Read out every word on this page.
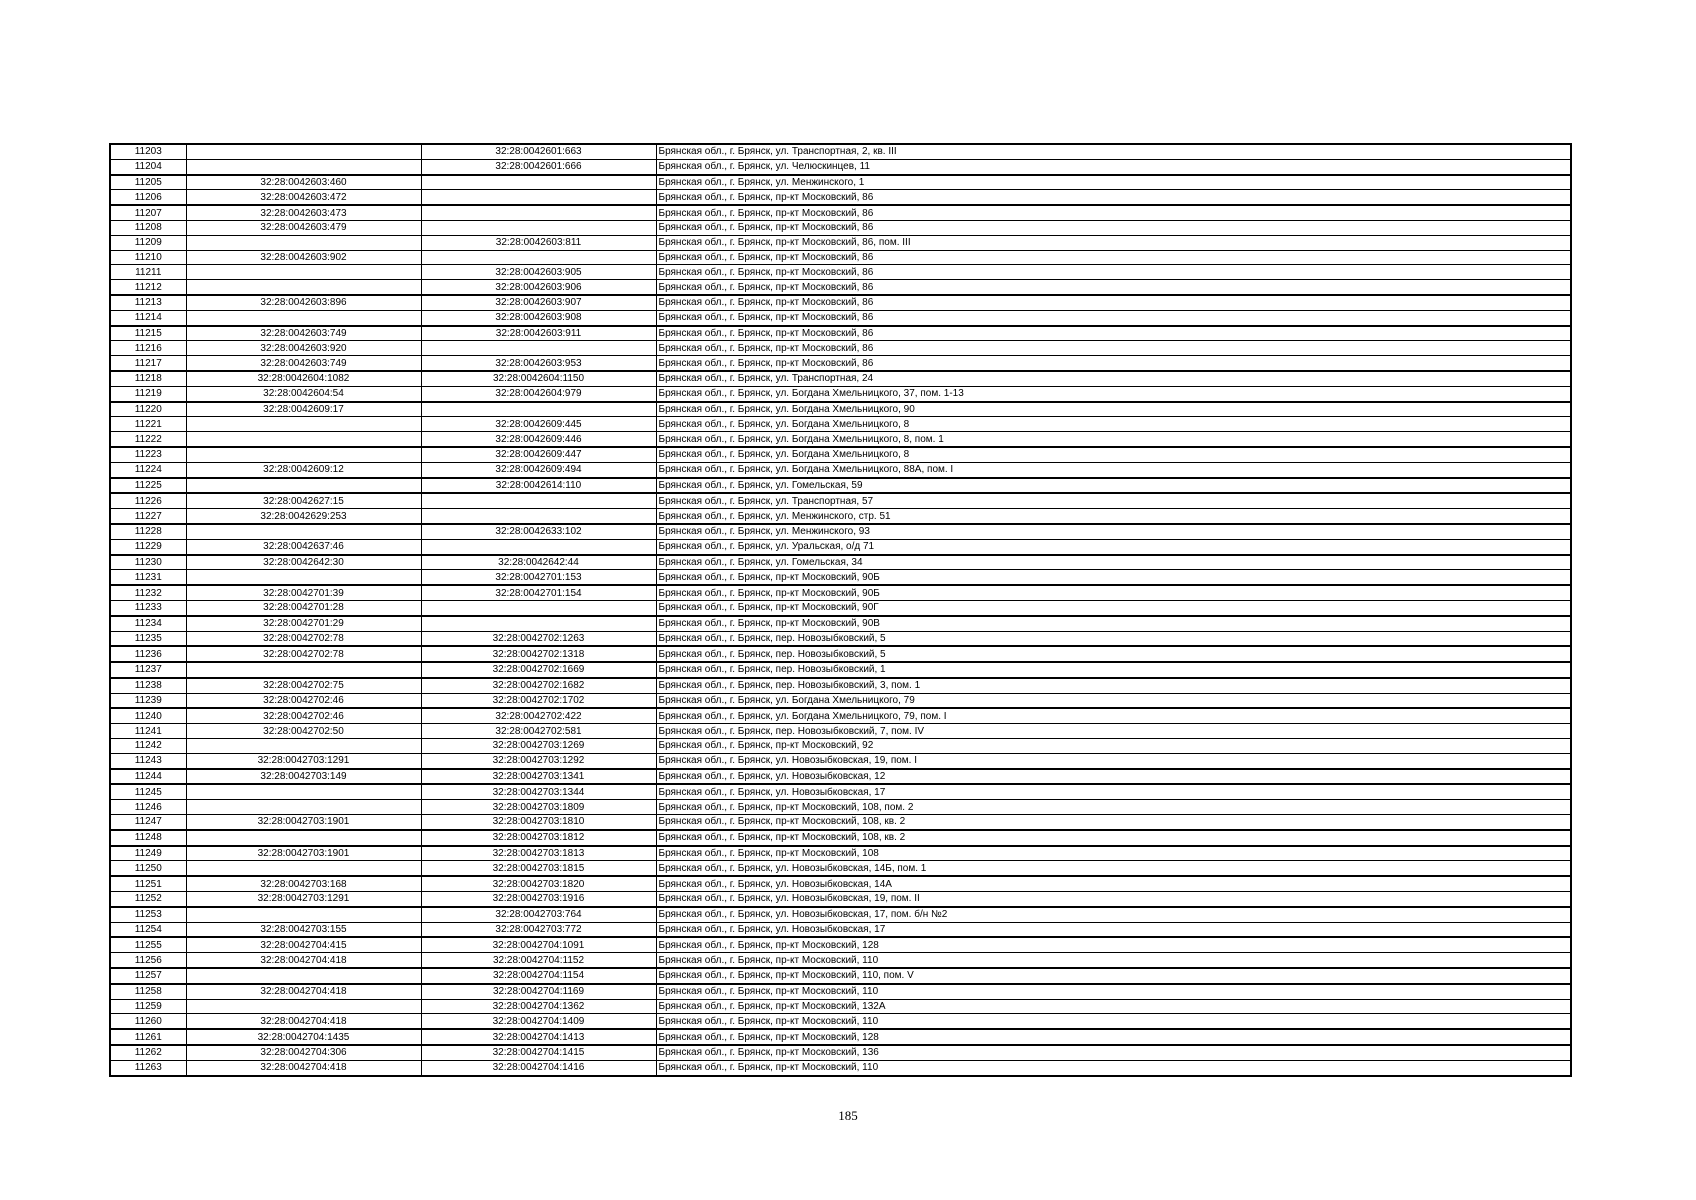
11203		32:28:0042601:663	Брянская обл., г. Брянск, ул. Транспортная, 2, кв. III
11204		32:28:0042601:666	Брянская обл., г. Брянск, ул. Челюскинцев, 11
11205	32:28:0042603:460		Брянская обл., г. Брянск, ул. Менжинского, 1
11206	32:28:0042603:472		Брянская обл., г. Брянск, пр-кт Московский, 86
11207	32:28:0042603:473		Брянская обл., г. Брянск, пр-кт Московский, 86
11208	32:28:0042603:479		Брянская обл., г. Брянск, пр-кт Московский, 86
11209		32:28:0042603:811	Брянская обл., г. Брянск, пр-кт Московский, 86, пом. III
11210	32:28:0042603:902		Брянская обл., г. Брянск, пр-кт Московский, 86
11211		32:28:0042603:905	Брянская обл., г. Брянск, пр-кт Московский, 86
11212		32:28:0042603:906	Брянская обл., г. Брянск, пр-кт Московский, 86
11213	32:28:0042603:896	32:28:0042603:907	Брянская обл., г. Брянск, пр-кт Московский, 86
11214		32:28:0042603:908	Брянская обл., г. Брянск, пр-кт Московский, 86
11215	32:28:0042603:749	32:28:0042603:911	Брянская обл., г. Брянск, пр-кт Московский, 86
11216	32:28:0042603:920		Брянская обл., г. Брянск, пр-кт Московский, 86
11217	32:28:0042603:749	32:28:0042603:953	Брянская обл., г. Брянск, пр-кт Московский, 86
11218	32:28:0042604:1082	32:28:0042604:1150	Брянская обл., г. Брянск, ул. Транспортная, 24
11219	32:28:0042604:54	32:28:0042604:979	Брянская обл., г. Брянск, ул. Богдана Хмельницкого, 37, пом. 1-13
11220	32:28:0042609:17		Брянская обл., г. Брянск, ул. Богдана Хмельницкого, 90
11221		32:28:0042609:445	Брянская обл., г. Брянск, ул. Богдана Хмельницкого, 8
11222		32:28:0042609:446	Брянская обл., г. Брянск, ул. Богдана Хмельницкого, 8, пом. 1
11223		32:28:0042609:447	Брянская обл., г. Брянск, ул. Богдана Хмельницкого, 8
11224	32:28:0042609:12	32:28:0042609:494	Брянская обл., г. Брянск, ул. Богдана Хмельницкого, 88А, пом. I
11225		32:28:0042614:110	Брянская обл., г. Брянск, ул. Гомельская, 59
11226	32:28:0042627:15		Брянская обл., г. Брянск, ул. Транспортная, 57
11227	32:28:0042629:253		Брянская обл., г. Брянск, ул. Менжинского, стр. 51
11228		32:28:0042633:102	Брянская обл., г. Брянск, ул. Менжинского, 93
11229	32:28:0042637:46		Брянская обл., г. Брянск, ул. Уральская, о/д 71
11230	32:28:0042642:30	32:28:0042642:44	Брянская обл., г. Брянск, ул. Гомельская, 34
11231		32:28:0042701:153	Брянская обл., г. Брянск, пр-кт Московский, 90Б
11232	32:28:0042701:39	32:28:0042701:154	Брянская обл., г. Брянск, пр-кт Московский, 90Б
11233	32:28:0042701:28		Брянская обл., г. Брянск, пр-кт Московский, 90Г
11234	32:28:0042701:29		Брянская обл., г. Брянск, пр-кт Московский, 90В
11235	32:28:0042702:78	32:28:0042702:1263	Брянская обл., г. Брянск, пер. Новозыбковский, 5
11236	32:28:0042702:78	32:28:0042702:1318	Брянская обл., г. Брянск, пер. Новозыбковский, 5
11237		32:28:0042702:1669	Брянская обл., г. Брянск, пер. Новозыбковский, 1
11238	32:28:0042702:75	32:28:0042702:1682	Брянская обл., г. Брянск, пер. Новозыбковский, 3, пом. 1
11239	32:28:0042702:46	32:28:0042702:1702	Брянская обл., г. Брянск, ул. Богдана Хмельницкого, 79
11240	32:28:0042702:46	32:28:0042702:422	Брянская обл., г. Брянск, ул. Богдана Хмельницкого, 79, пом. I
11241	32:28:0042702:50	32:28:0042702:581	Брянская обл., г. Брянск, пер. Новозыбковский, 7, пом. IV
11242		32:28:0042703:1269	Брянская обл., г. Брянск, пр-кт Московский, 92
11243	32:28:0042703:1291	32:28:0042703:1292	Брянская обл., г. Брянск, ул. Новозыбковская, 19, пом. I
11244	32:28:0042703:149	32:28:0042703:1341	Брянская обл., г. Брянск, ул. Новозыбковская, 12
11245		32:28:0042703:1344	Брянская обл., г. Брянск, ул. Новозыбковская, 17
11246		32:28:0042703:1809	Брянская обл., г. Брянск, пр-кт Московский, 108, пом. 2
11247	32:28:0042703:1901	32:28:0042703:1810	Брянская обл., г. Брянск, пр-кт Московский, 108, кв. 2
11248		32:28:0042703:1812	Брянская обл., г. Брянск, пр-кт Московский, 108, кв. 2
11249	32:28:0042703:1901	32:28:0042703:1813	Брянская обл., г. Брянск, пр-кт Московский, 108
11250		32:28:0042703:1815	Брянская обл., г. Брянск, ул. Новозыбковская, 14Б, пом. 1
11251	32:28:0042703:168	32:28:0042703:1820	Брянская обл., г. Брянск, ул. Новозыбковская, 14А
11252	32:28:0042703:1291	32:28:0042703:1916	Брянская обл., г. Брянск, ул. Новозыбковская, 19, пом. II
11253		32:28:0042703:764	Брянская обл., г. Брянск, ул. Новозыбковская, 17, пом. б/н №2
11254	32:28:0042703:155	32:28:0042703:772	Брянская обл., г. Брянск, ул. Новозыбковская, 17
11255	32:28:0042704:415	32:28:0042704:1091	Брянская обл., г. Брянск, пр-кт Московский, 128
11256	32:28:0042704:418	32:28:0042704:1152	Брянская обл., г. Брянск, пр-кт Московский, 110
11257		32:28:0042704:1154	Брянская обл., г. Брянск, пр-кт Московский, 110, пом. V
11258	32:28:0042704:418	32:28:0042704:1169	Брянская обл., г. Брянск, пр-кт Московский, 110
11259		32:28:0042704:1362	Брянская обл., г. Брянск, пр-кт Московский, 132А
11260	32:28:0042704:418	32:28:0042704:1409	Брянская обл., г. Брянск, пр-кт Московский, 110
11261	32:28:0042704:1435	32:28:0042704:1413	Брянская обл., г. Брянск, пр-кт Московский, 128
11262	32:28:0042704:306	32:28:0042704:1415	Брянская обл., г. Брянск, пр-кт Московский, 136
11263	32:28:0042704:418	32:28:0042704:1416	Брянская обл., г. Брянск, пр-кт Московский, 110
185
